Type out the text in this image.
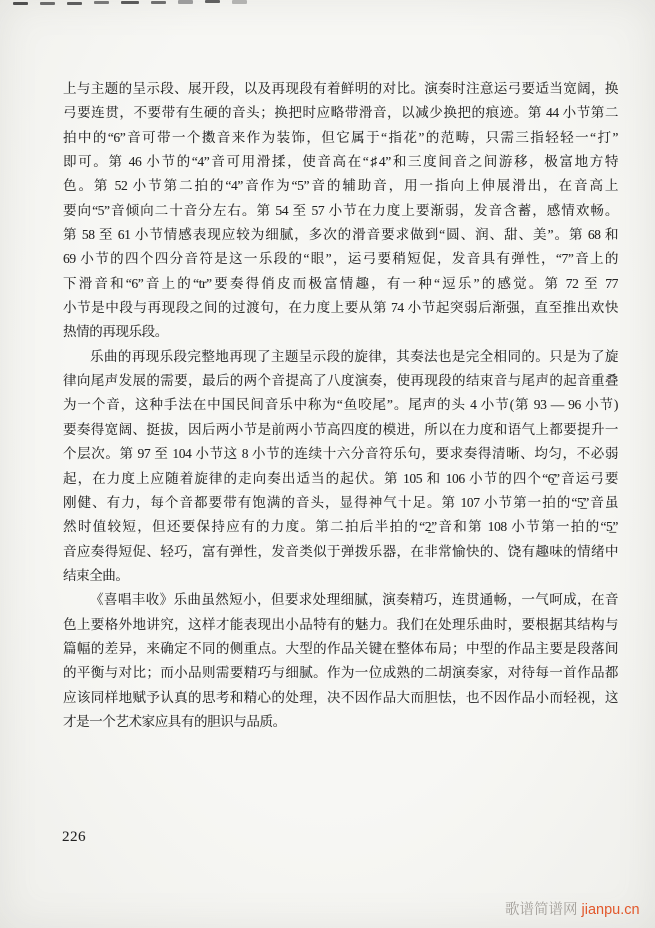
上与主题的呈示段、展开段，以及再现段有着鲜明的对比。演奏时注意运弓要适当宽阔，换
弓要连贯，不要带有生硬的音头；换把时应略带滑音，以减少换把的痕迹。第 44 小节第二
拍中的“6”音可带一个擞音来作为装饰，但它属于“指花”的范畴，只需三指轻轻一“打”
即可。第 46 小节的“4”音可用滑揉，使音高在“♯4”和三度间音之间游移，极富地方特
色。第 52 小节第二拍的“4”音作为“5”音的辅助音，用一指向上伸展滑出，在音高上
要向“5”音倾向二十音分左右。第 54 至 57 小节在力度上要渐弱，发音含蓄，感情欢畅。
第 58 至 61 小节情感表现应较为细腻，多次的滑音要求做到“圆、润、甜、美”。第 68 和
69 小节的四个四分音符是这一乐段的“眼”，运弓要稍短促，发音具有弹性，“7”音上的
下滑音和“6”音上的“tr”要奏得俏皮而极富情趣，有一种“逗乐”的感觉。第 72 至 77
小节是中段与再现段之间的过渡句，在力度上要从第 74 小节起突弱后渐强，直至推出欢快
热情的再现乐段。
乐曲的再现乐段完整地再现了主题呈示段的旋律，其奏法也是完全相同的。只是为了旋
律向尾声发展的需要，最后的两个音提高了八度演奏，使再现段的结束音与尾声的起音重叠
为一个音，这种手法在中国民间音乐中称为“鱼咬尾”。尾声的头 4 小节(第 93 — 96 小节)
要奏得宽阔、挺拔，因后两小节是前两小节高四度的模进，所以在力度和语气上都要提升一
个层次。第 97 至 104 小节这 8 小节的连续十六分音符乐句，要求奏得清晰、均匀，不必弱
起，在力度上应随着旋律的走向奏出适当的起伏。第 105 和 106 小节的四个“6̲̇”音运弓要
刚健、有力，每个音都要带有饱满的音头，显得神气十足。第 107 小节第一拍的“5̲̇”音虽
然时值较短，但还要保持应有的力度。第二拍后半拍的“2̲”音和第 108 小节第一拍的“5̲”
音应奏得短促、轻巧，富有弹性，发音类似于弹拨乐器，在非常愉快的、饶有趣味的情绪中
结束全曲。
《喜唱丰收》乐曲虽然短小，但要求处理细腻，演奏精巧，连贯通畅，一气呵成，在音
色上要格外地讲究，这样才能表现出小品特有的魅力。我们在处理乐曲时，要根据其结构与
篇幅的差异，来确定不同的侧重点。大型的作品关键在整体布局；中型的作品主要是段落间
的平衡与对比；而小品则需要精巧与细腻。作为一位成熟的二胡演奏家，对待每一首作品都
应该同样地赋予认真的思考和精心的处理，决不因作品大而胆怯，也不因作品小而轻视，这
才是一个艺术家应具有的胆识与品质。
226
歌谱简谱网 jianpu.cn
